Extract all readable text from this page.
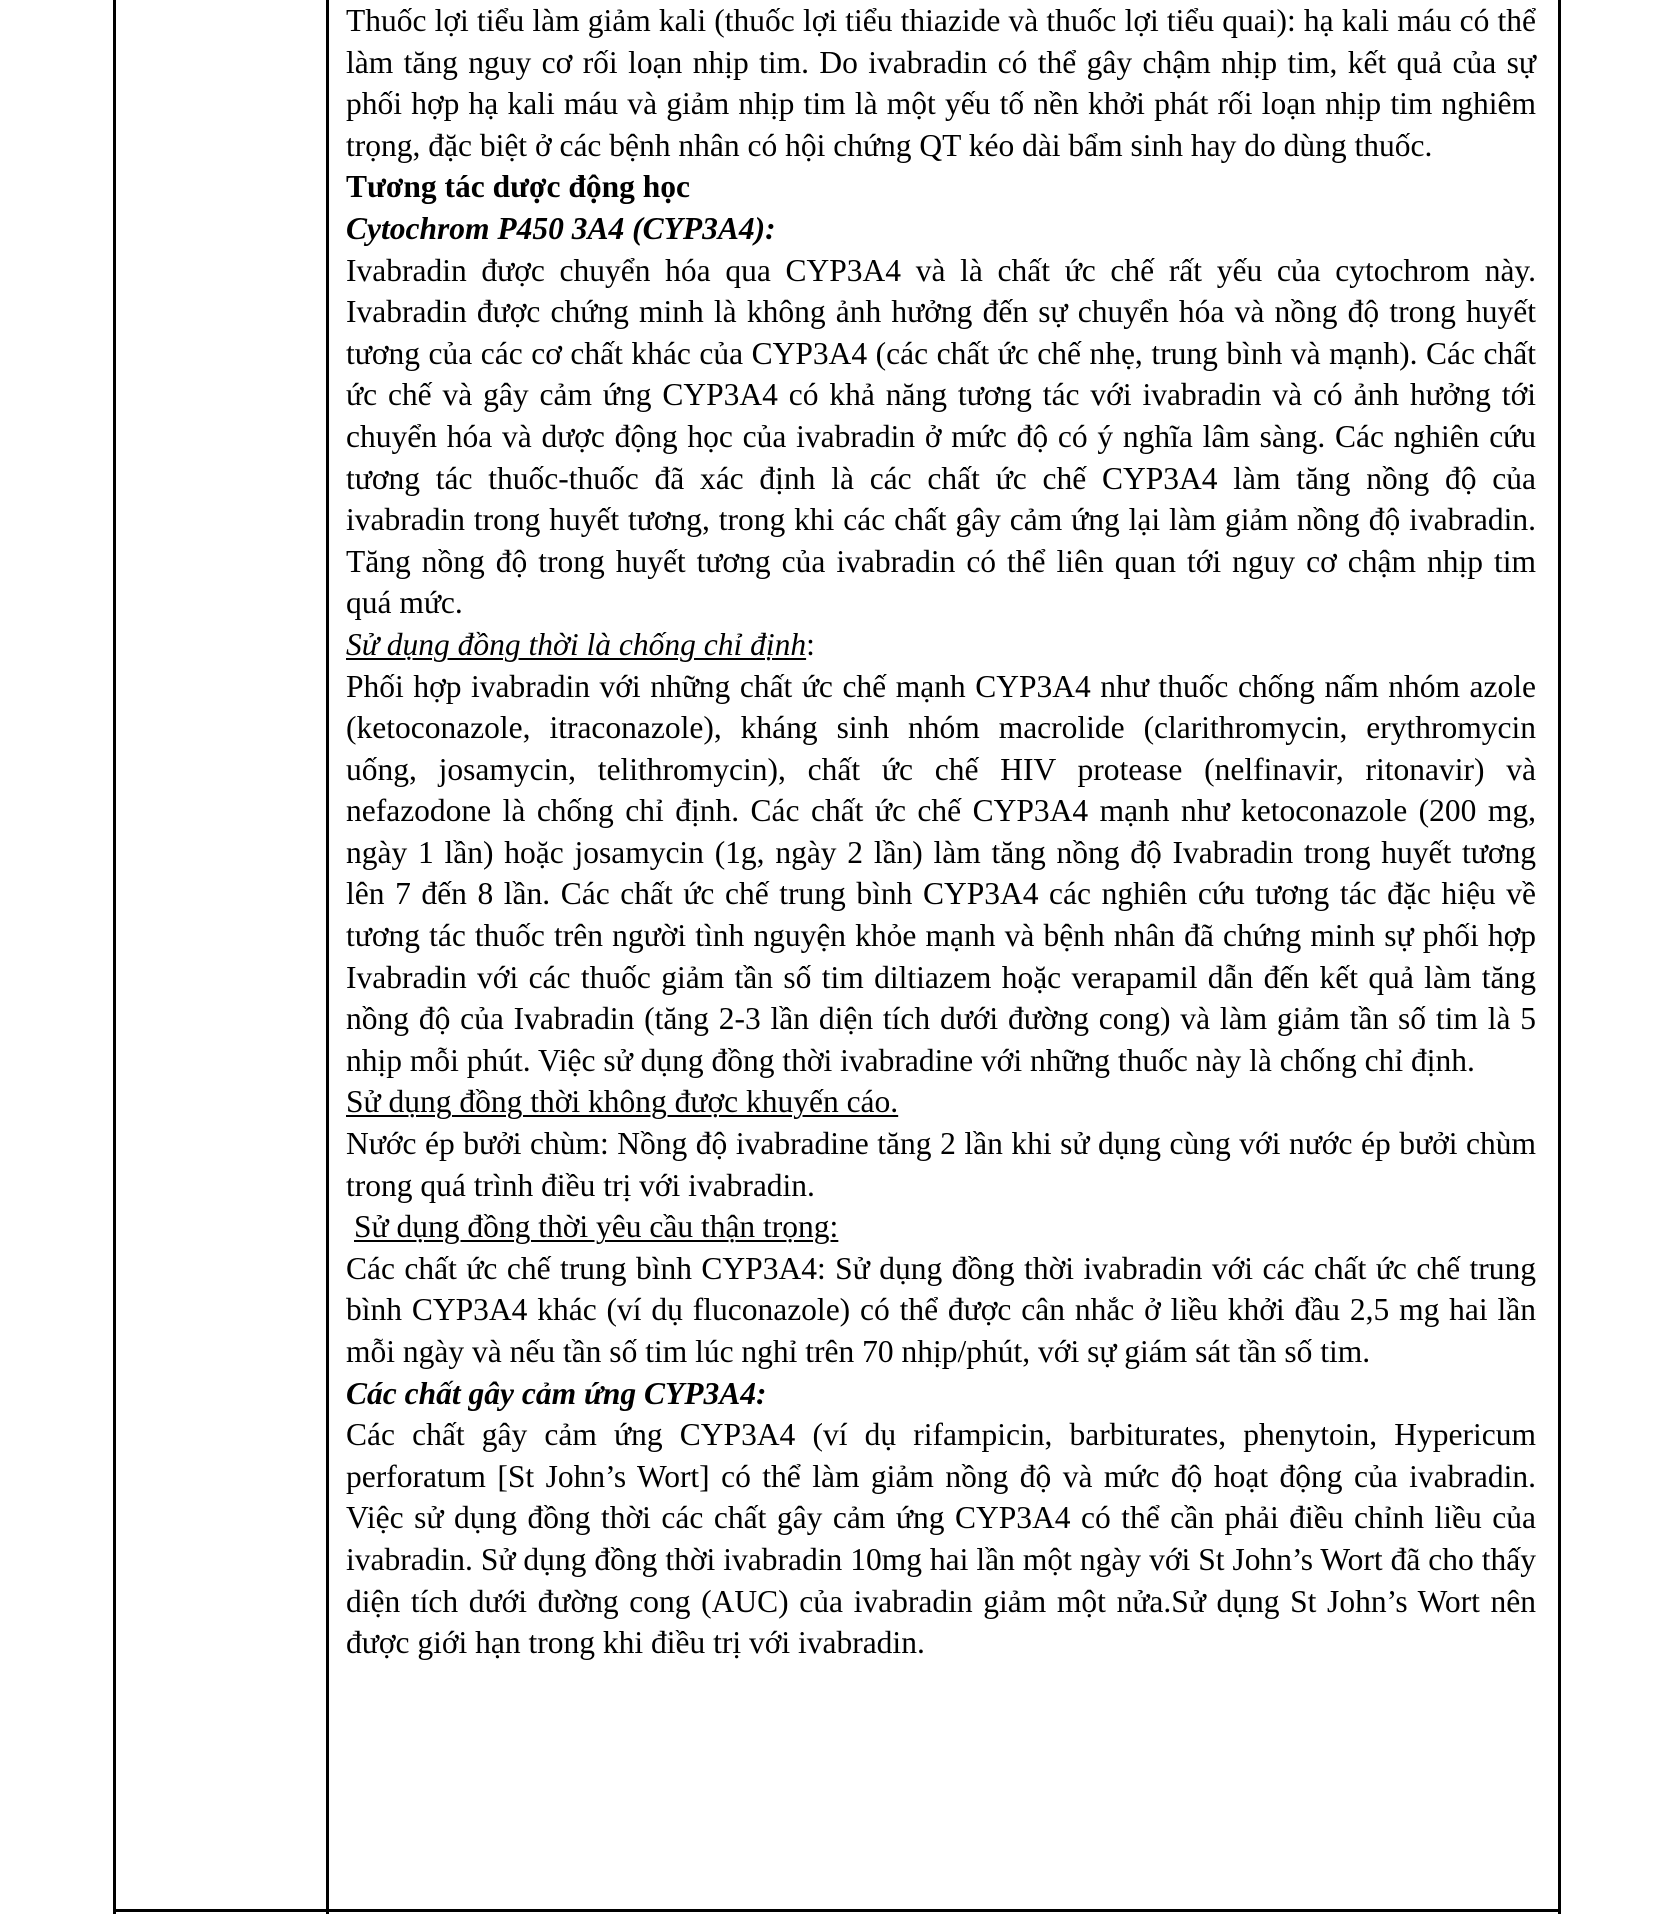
Thuốc lợi tiểu làm giảm kali (thuốc lợi tiểu thiazide và thuốc lợi tiểu quai): hạ kali máu có thể làm tăng nguy cơ rối loạn nhịp tim. Do ivabradin có thể gây chậm nhịp tim, kết quả của sự phối hợp hạ kali máu và giảm nhịp tim là một yếu tố nền khởi phát rối loạn nhịp tim nghiêm trọng, đặc biệt ở các bệnh nhân có hội chứng QT kéo dài bẩm sinh hay do dùng thuốc.

Tương tác dược động học

Cytochrom P450 3A4 (CYP3A4):

Ivabradin được chuyển hóa qua CYP3A4 và là chất ức chế rất yếu của cytochrom này. Ivabradin được chứng minh là không ảnh hưởng đến sự chuyển hóa và nồng độ trong huyết tương của các cơ chất khác của CYP3A4 (các chất ức chế nhẹ, trung bình và mạnh). Các chất ức chế và gây cảm ứng CYP3A4 có khả năng tương tác với ivabradin và có ảnh hưởng tới chuyển hóa và dược động học của ivabradin ở mức độ có ý nghĩa lâm sàng. Các nghiên cứu tương tác thuốc-thuốc đã xác định là các chất ức chế CYP3A4 làm tăng nồng độ của ivabradin trong huyết tương, trong khi các chất gây cảm ứng lại làm giảm nồng độ ivabradin. Tăng nồng độ trong huyết tương của ivabradin có thể liên quan tới nguy cơ chậm nhịp tim quá mức.

Sử dụng đồng thời là chống chỉ định:

Phối hợp ivabradin với những chất ức chế mạnh CYP3A4 như thuốc chống nấm nhóm azole (ketoconazole, itraconazole), kháng sinh nhóm macrolide (clarithromycin, erythromycin uống, josamycin, telithromycin), chất ức chế HIV protease (nelfinavir, ritonavir) và nefazodone là chống chỉ định. Các chất ức chế CYP3A4 mạnh như ketoconazole (200 mg, ngày 1 lần) hoặc josamycin (1g, ngày 2 lần) làm tăng nồng độ Ivabradin trong huyết tương lên 7 đến 8 lần. Các chất ức chế trung bình CYP3A4 các nghiên cứu tương tác đặc hiệu về tương tác thuốc trên người tình nguyện khỏe mạnh và bệnh nhân đã chứng minh sự phối hợp Ivabradin với các thuốc giảm tần số tim diltiazem hoặc verapamil dẫn đến kết quả làm tăng nồng độ của Ivabradin (tăng 2-3 lần diện tích dưới đường cong) và làm giảm tần số tim là 5 nhịp mỗi phút. Việc sử dụng đồng thời ivabradine với những thuốc này là chống chỉ định.

Sử dụng đồng thời không được khuyến cáo.

Nước ép bưởi chùm: Nồng độ ivabradine tăng 2 lần khi sử dụng cùng với nước ép bưởi chùm trong quá trình điều trị với ivabradin.

Sử dụng đồng thời yêu cầu thận trọng:

Các chất ức chế trung bình CYP3A4: Sử dụng đồng thời ivabradin với các chất ức chế trung bình CYP3A4 khác (ví dụ fluconazole) có thể được cân nhắc ở liều khởi đầu 2,5 mg hai lần mỗi ngày và nếu tần số tim lúc nghỉ trên 70 nhịp/phút, với sự giám sát tần số tim.

Các chất gây cảm ứng CYP3A4:

Các chất gây cảm ứng CYP3A4 (ví dụ rifampicin, barbiturates, phenytoin, Hypericum perforatum [St John’s Wort] có thể làm giảm nồng độ và mức độ hoạt động của ivabradin. Việc sử dụng đồng thời các chất gây cảm ứng CYP3A4 có thể cần phải điều chỉnh liều của ivabradin. Sử dụng đồng thời ivabradin 10mg hai lần một ngày với St John’s Wort đã cho thấy diện tích dưới đường cong (AUC) của ivabradin giảm một nửa.Sử dụng St John’s Wort nên được giới hạn trong khi điều trị với ivabradin.
